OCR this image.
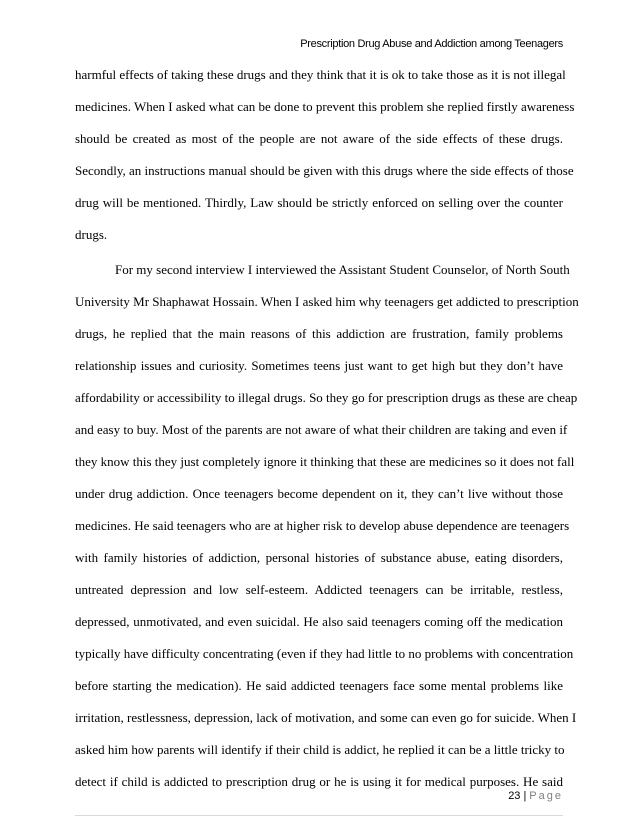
Prescription Drug Abuse and Addiction among Teenagers
harmful effects of taking these drugs and they think that it is ok to take those as it is not illegal
medicines. When I asked what can be done to prevent this problem she replied firstly awareness
should be created as most of the people are not aware of the side effects of these drugs.
Secondly, an instructions manual should be given with this drugs where the side effects of those
drug will be mentioned. Thirdly, Law should be strictly enforced on selling over the counter
drugs.
For my second interview I interviewed the Assistant Student Counselor, of North South
University Mr Shaphawat Hossain. When I asked him why teenagers get addicted to prescription
drugs, he replied that the main reasons of this addiction are frustration, family problems
relationship issues and curiosity. Sometimes teens just want to get high but they don’t have
affordability or accessibility to illegal drugs. So they go for prescription drugs as these are cheap
and easy to buy. Most of the parents are not aware of what their children are taking and even if
they know this they just completely ignore it thinking that these are medicines so it does not fall
under drug addiction. Once teenagers become dependent on it, they can’t live without those
medicines. He said teenagers who are at higher risk to develop abuse dependence are teenagers
with family histories of addiction, personal histories of substance abuse, eating disorders,
untreated depression and low self-esteem. Addicted teenagers can be irritable, restless,
depressed, unmotivated, and even suicidal. He also said teenagers coming off the medication
typically have difficulty concentrating (even if they had little to no problems with concentration
before starting the medication). He said addicted teenagers face some mental problems like
irritation, restlessness, depression, lack of motivation, and some can even go for suicide. When I
asked him how parents will identify if their child is addict, he replied it can be a little tricky to
detect if child is addicted to prescription drug or he is using it for medical purposes. He said
23 | Page
